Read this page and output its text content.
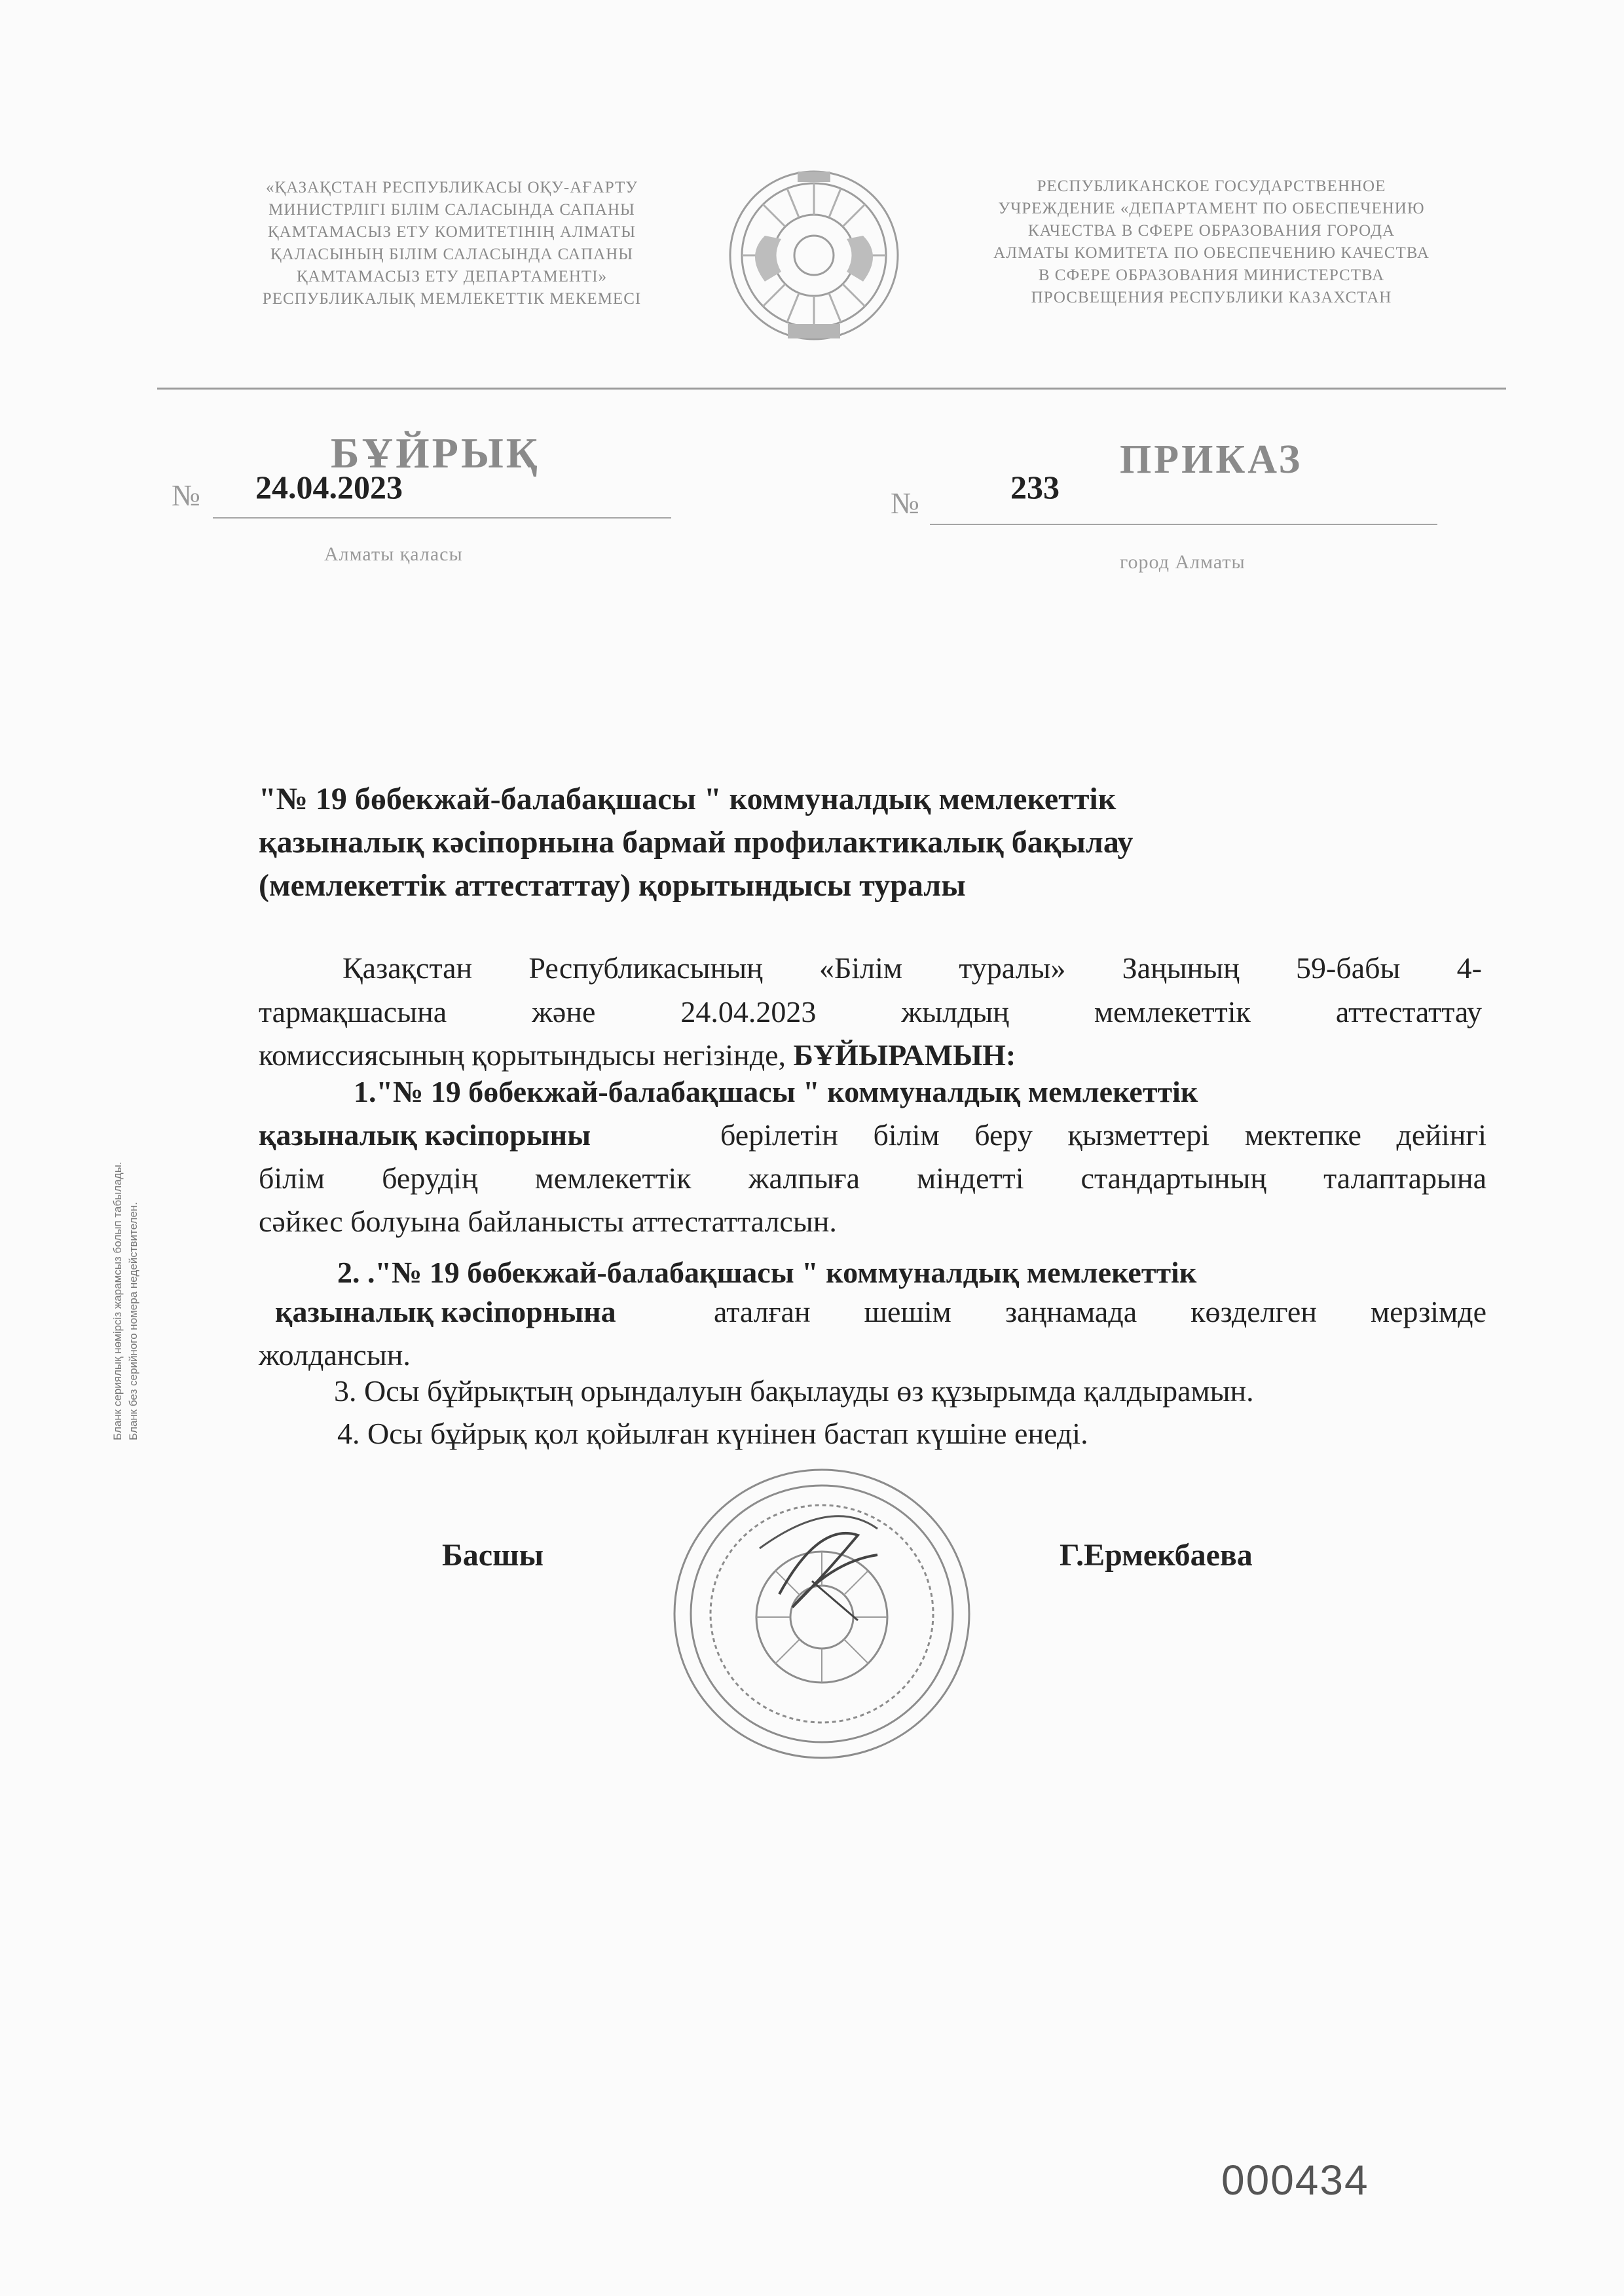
«ҚАЗАҚСТАН РЕСПУБЛИКАСЫ ОҚУ-АҒАРТУ
МИНИСТРЛІГІ БІЛІМ САЛАСЫНДА САПАНЫ
ҚАМТАМАСЫЗ ЕТУ КОМИТЕТІНІҢ АЛМАТЫ
ҚАЛАСЫНЫҢ БІЛІМ САЛАСЫНДА САПАНЫ
ҚАМТАМАСЫЗ ЕТУ ДЕПАРТАМЕНТІ»
РЕСПУБЛИКАЛЫҚ МЕМЛЕКЕТТІК МЕКЕМЕСІ
РЕСПУБЛИКАНСКОЕ ГОСУДАРСТВЕННОЕ
УЧРЕЖДЕНИЕ «ДЕПАРТАМЕНТ ПО ОБЕСПЕЧЕНИЮ
КАЧЕСТВА В СФЕРЕ ОБРАЗОВАНИЯ ГОРОДА
АЛМАТЫ КОМИТЕТА ПО ОБЕСПЕЧЕНИЮ КАЧЕСТВА
В СФЕРЕ ОБРАЗОВАНИЯ МИНИСТЕРСТВА
ПРОСВЕЩЕНИЯ РЕСПУБЛИКИ КАЗАХСТАН
БҰЙРЫҚ	ПРИКАЗ
№ 24.04.2023	№	233
Алматы қаласы	город Алматы
"№ 19 бөбекжай-балабақшасы " коммуналдық мемлекеттік
қазыналық кәсіпорнына бармай профилактикалық бақылау
(мемлекеттік аттестаттау) қорытындысы туралы
Қазақстан Республикасының «Білім туралы» Заңының 59-бабы 4-
тармақшасына және 24.04.2023 жылдың мемлекеттік аттестаттау
комиссиясының қорытындысы негізінде, БҰЙЫРАМЫН:
1."№ 19 бөбекжай-балабақшасы " коммуналдық мемлекеттік
қазыналық кәсіпорыны	берілетін білім беру қызметтері мектепке дейінгі
білім берудің мемлекеттік жалпыға міндетті стандартының талаптарына
сәйкес болуына байланысты аттестатталсын.
2. ."№ 19 бөбекжай-балабақшасы " коммуналдық мемлекеттік
қазыналық кәсіпорнына	аталған шешім заңнамада көзделген мерзімде
жолдансын.
3. Осы бұйрықтың орындалуын бақылауды өз құзырымда қалдырамын.
4. Осы бұйрық қол қойылған күнінен бастап күшіне енеді.
Басшы	Г.Ермекбаева
Бланк сериялық нөмірсіз жарамсыз болып табылады. Бланк без серийного номера недействителен.
000434
